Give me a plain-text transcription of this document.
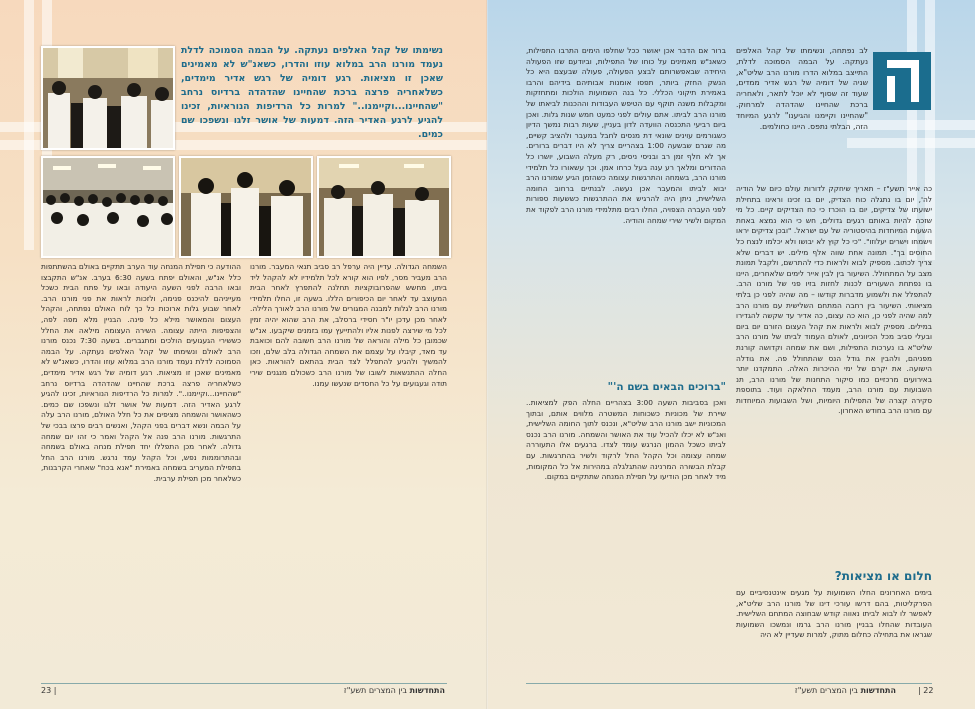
נשימתו של קהל האלפים נעתקה. על הבמה הסמוכה לדלת נעמד מורנו הרב במלוא עוזו והדרו, כשאנ"ש לא מאמינים שאכן זו מציאות. רגע דומיה של רגש אדיר מימדים, כשלאחריה פרצה ברכת שהחיינו שהדהדה ברדיוס נרחב "שהחיינו...וקיימנו.." למרות כל הרדיפות הנוראיות, זכינו להגיע לרגע האדיר הזה. דמעות של אושר זלגו ונשפכו שם כמים.

השמחה הגדולה. עדיין היה ערפל רב סביב תנאי המעבר. מורנו הרב מעביר מסר, לפיו הוא קורא לכל תלמידיו לא להקהל ליד ביתו, מחשש שהפרובוקציות תחלנה להתפרץ לאחר הבית המעוצב עד לאחר יום הכיפורים הללו. בשעה זו, החלו תלמידי מורנו הרב לגלות למבנה המגורים של מורנו הרב לאורך הלילה. לאחר מכן עדכן יו"ר חסידי ברסלב, את הרב שהוא יהיה זמין לכל מי שירצה לפנות אליו ולהתייעץ עמו בזמנים שיקבעו. אנ"ש שכמובן כל מילה והוראה של מורנו הרב חשובה להם וכואבת עד מאד, קיבלו על עצמם את השמחה הגדולה בלב שלם, וזכו להמשיך ולהגיע להתפלל לצד הבית בהתאם להוראות. כאן החלה ההתנשאות לשובו של מורנו הרב כשכולם מנגנים שירי תודה וגעגועים על כל החסדים שנעשו עמנו.

ההודעה כי תפילת המנחה עוד הערב תתקיים באולם בהשתתפות כלל אנ"ש, והאולם יפתח בשעה 6:30 בערב. אנ"ש התקבצו ובאו הרבה לפני השעה היעודה ובאו על פתח הבית כשכל מעייניהם להיכנס פנימה, ולזכות לראות את פני מורנו הרב. לאחר שבוע גלות ארוכות כל כך לוח האולם נפתחה, והקהל העצום והמאושר מילא כל פינה. הבניין מלא מפה לפה, והצפיפות הייתה עצומה. השירה העצומה מילאה את החלל כששירי הגעגועים הולכים ומתגברים. בשעה 7:30 נכנס מורנו הרב לאולם ונשימתו של קהל האלפים נעתקה. על הבמה הסמוכה לדלת נעמד מורנו הרב במלוא עוזו והדרו, כשאנ"ש לא מאמינים שאכן זו מציאות. רגע דומיה של רגש אדיר מימדים, כשלאחריה פרצה ברכת שהחיינו שהדהדה ברדיוס נרחב "שהחיינו...וקיימנו..". למרות כל הרדיפות הנוראיות, זכינו להגיע לרגע האדיר הזה. דמעות של אושר זלגו ונשפכו שם כמים. כשהאושר והשמחה מציפים את כל חלל האולם, מורנו הרב עלה על הבמה ונשא דברים בפני הקהל, ואנשים רבים פרצו בבכי של התרגשות. מורנו הרב פנה אל הקהל ואמר כי זהו יום שמחה גדולה. לאחר מכן התפללו יחד תפילת מנחה באולם בשמחה ובהתרוממות נפש, וכל הקהל עמד נרגש. מורנו הרב החל בתפילת המעריב בשמחה באמירת "אנא בכח" שאחרי הקרבנות, כשלאחר מכן תפילת ערבית.

התחדשות בין המצרים תשע"ז
23 |

לב נפתחה, ונשימתו של קהל האלפים נעתקה. על הבמה הסמוכה לדלת, התייצב במלוא הדרו מורנו הרב שליט"א, שניה של דומיה של רגש אדיר ממדים, שעוד זה שסוף לא יוכל לתאר, ולאחריה ברכת שהחיינו שהדהדה למרחוק. "שהחיינו וקיימנו והגיענו" לרגע המיוחד הזה, הבלתי נתפס. היינו כחולמים.

כה אייר תשע"ז – תאריך שיחקק לדורות עולם כיום של הודיה לה', יום בו נתגלה כוח הצדיק, יום בו זכינו וראינו בתחילת ישועתו של צדיקים, יום בו הוכרז כי כח הצדיקים קיים. כל מי שזכה להיות באותם רגעים גדולים, חש כי הוא נמצא באחת השעות המיוחדות בהיסטוריה של עם ישראל. "ובכן צדיקים יראו וישמחו וישרים יעלוזו". "כי כל קוץ לא יבושו ולא יכלמו לנצח כל החוסים בך". תמונה אחת שווה אלף מילים. יש דברים שלא צריך לכתוב. מספיק לבוא ולראות כדי להתרשם, ולקבל תמונת מצב על המתחולל. השיעור בין לבין אייר לימים שלאחרים, היינו בו נפתחת השעורים לכנות לחזות בזיו פני של מורנו הרב. להתפלל את ולשמוע מדברות קודשו – מה שהיה לפני כן בלתי מציאותי. השיעור בין רחבה המתחם השלישית עם מורנו הרב למה שהיה לפני כן, הוא כה עצום, כה אדיר עד שקשה להגדירו במילים. מספיק לבוא ולראות את קהל העצום הזורם יום ביום ובעלי סביב מכל הכיוונים, לאולם העמוד לביתו של מורנו הרב שליט"א בו נערכות התפילות, ושם את שמחה וקדושה קורנת מפניהם, ולהבין את גודל הנס שהתחולל פה. את גודלה הישועה. את יקרם של ימי ההיכרות האלה. התמקדנו יותר באירועים מרכזיים כמו סיקור התחנות של מורנו הרב, תנ השבועות עם מורנו הרב, מעמד החלאקה ועוד. בתוספת סקירה קצרה של התפילות היומיות, ושל השבועות המיוחדות עם מורנו הרב בחודש האחרון.

חלום או מציאות?

בימים האחרונים החלו השמועות על מגעים אינטנסיביים עם הפרקליטות, בהם דרשו עורכי דינו של מורנו הרב שליט"א, לאפשר לו לבוא לביתו נאווה קודש שבחוצה המתחם השלישית. העובדות שהחלו בבניין מורנו הרב גרמו ונמשכו השמועות שגראו את בתחילה כחלום מתוק, למרות שעדיין לא היה

ברור אם הדבר אכן יאושר ככל שחלפו הימים התרבו התפילות, כשאנ"ש מאמינים על כוחו של התפילות, וביודעם שזו הפעולה היחידה שבאפשרותם לבצע הפעולה, פעולה שבעצם היא כל הנשק החזק ביותר, תפסו אומנות אבותיהם בידיהם והרבו באמירת תיקוני הכללי. כל בנה השמועות הולכות ומתחזקות ומקבלות משנה תוקף עם הטיפש העבודות וההכנות לביאתו של מורנו הרב לביתו. אתם עולים לפני כמעט חמש שנות גלות. ואכן ביום רביעי התכנסה הוועדה לדון בעניין, שעות רבות נמשך הדיון כשגורמים עוינים שונאי דת מנסים לחבל במעבר ולהציב קשיים, מה שגרם שבשעה 1:00 בצהריים צריך לא היו דברים ברורים. אך לא חלף זמן רב ובניסי ניסים, רק מעלה השבוע, יושרו כל ההדורים ומלאך רע ענה בעל כרחו אמן. וכך עשאורו כל תלמידי מורנו הרב, בשמחה והתרגשות עצומה כשהזמן הגיע שמורנו הרב יבוא לביתו והמעבר אכן נעשה. לבנתיים ברחוב החומה השלישית, ניתן היה להרגיש את ההתרגשות כששעות ספורות לפני העברה הצפויה, החלו רבים מתלמידי מורנו הרב לפקוד את המקום ולשיר שירי שמחה והודיה.

"ברוכים הבאים בשם ה'"

ואכן בסביבות השעה 3:00 בצהריים החלה הפק למציאות.. שיירת של מכוניות כשכוחות המשטרה מלווים אותם, ובתוך המכוניות ישב מורנו הרב שליט"א, ונכנס לתוך החומה השלישית, ואנ"ש לא יכלו להכיל עוד את האושר והשמחה. מורנו הרב נכנס לביתו כשכל ההמון הנרגש עומד לצדו. ברגעים אלו התעוררה שמחה עצומה וכל הקהל החל לרקוד ולשיר בהתרגשות. עם קבלת הבשורה המרנינה שהתגלגלה במהירות אל כל המקומות, מיד לאחר מכן הודיעו על תפילת המנחה שתתקיים במקום.

התחדשות בין המצרים תשע"ז	| 22
